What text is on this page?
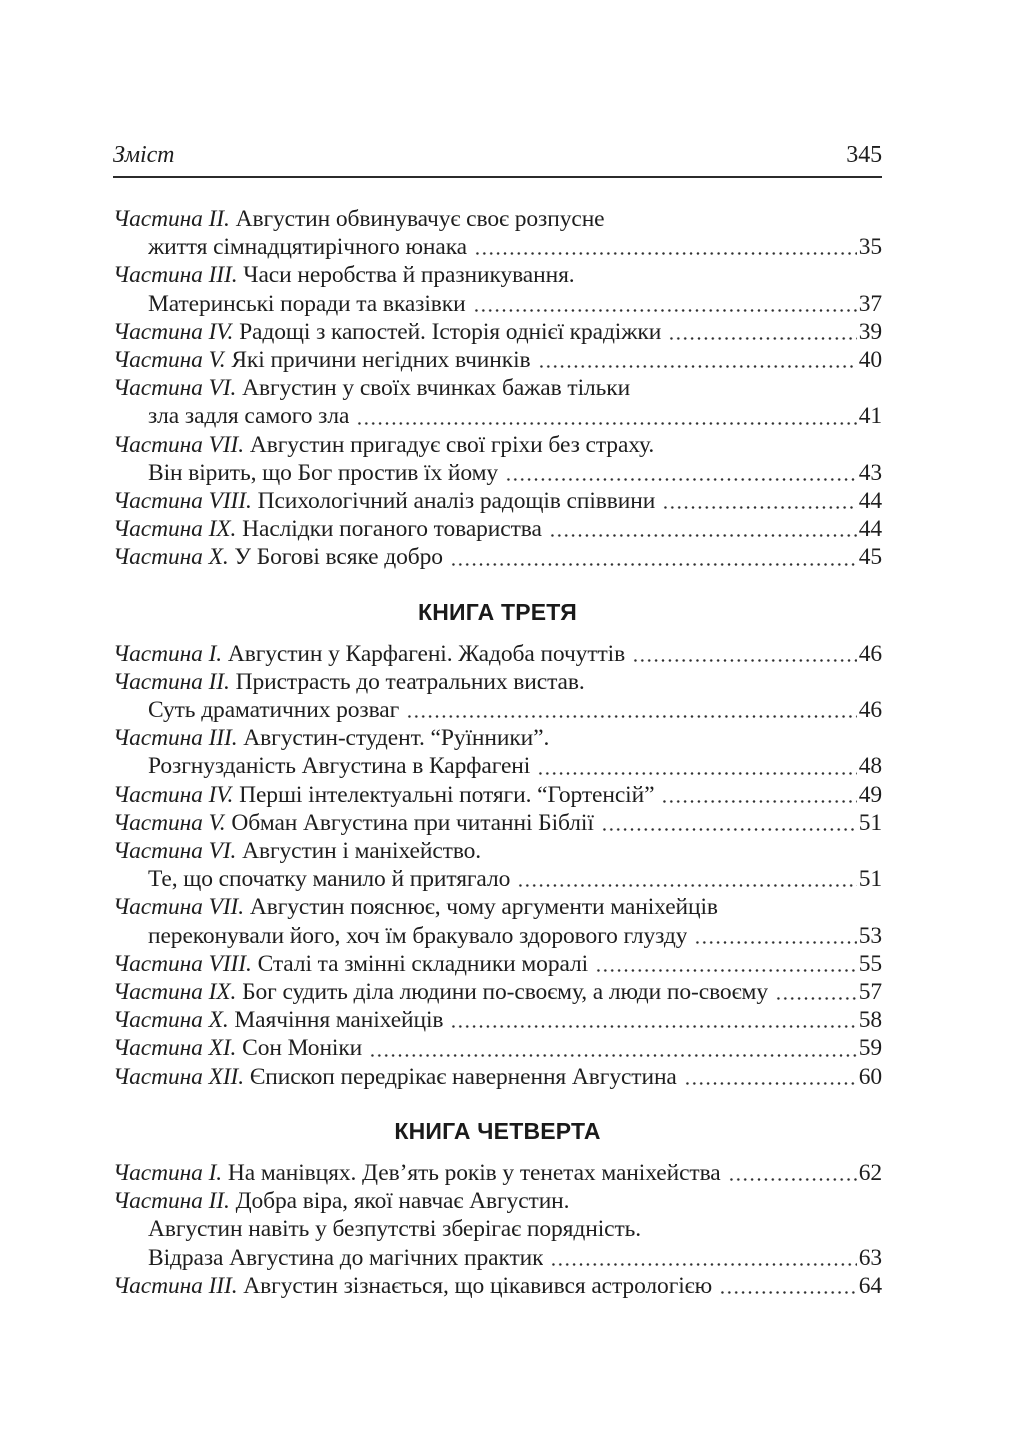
Зміст	345
Частина II. Августин обвинувачує своє розпусне
життя сімнадцятирічного юнака	35
Частина III. Часи неробства й празникування.
Материнські поради та вказівки	37
Частина IV. Радощі з капостей. Історія однієї крадіжки	39
Частина V. Які причини негідних вчинків	40
Частина VI. Августин у своїх вчинках бажав тільки
зла задля самого зла	41
Частина VII. Августин пригадує свої гріхи без страху.
Він вірить, що Бог простив їх йому	43
Частина VIII. Психологічний аналіз радощів співвини	44
Частина IX. Наслідки поганого товариства	44
Частина X. У Богові всяке добро	45
КНИГА ТРЕТЯ
Частина I. Августин у Карфагені. Жадоба почуттів	46
Частина II. Пристрасть до театральних вистав.
Суть драматичних розваг	46
Частина III. Августин-студент. “Руїнники”.
Розгнузданість Августина в Карфагені	48
Частина IV. Перші інтелектуальні потяги. “Гортенсій”	49
Частина V. Обман Августина при читанні Біблії	51
Частина VI. Августин і маніхейство.
Те, що спочатку манило й притягало	51
Частина VII. Августин пояснює, чому аргументи маніхейців
переконували його, хоч їм бракувало здорового глузду	53
Частина VIII. Сталі та змінні складники моралі	55
Частина IX. Бог судить діла людини по-своєму, а люди по-своєму	57
Частина X. Маячіння маніхейців	58
Частина XI. Сон Моніки	59
Частина XII. Єпископ передрікає навернення Августина	60
КНИГА ЧЕТВЕРТА
Частина I. На манівцях. Дев’ять років у тенетах маніхейства	62
Частина II. Добра віра, якої навчає Августин.
Августин навіть у безпутстві зберігає порядність.
Відраза Августина до магічних практик	63
Частина III. Августин зізнається, що цікавився астрологією	64
